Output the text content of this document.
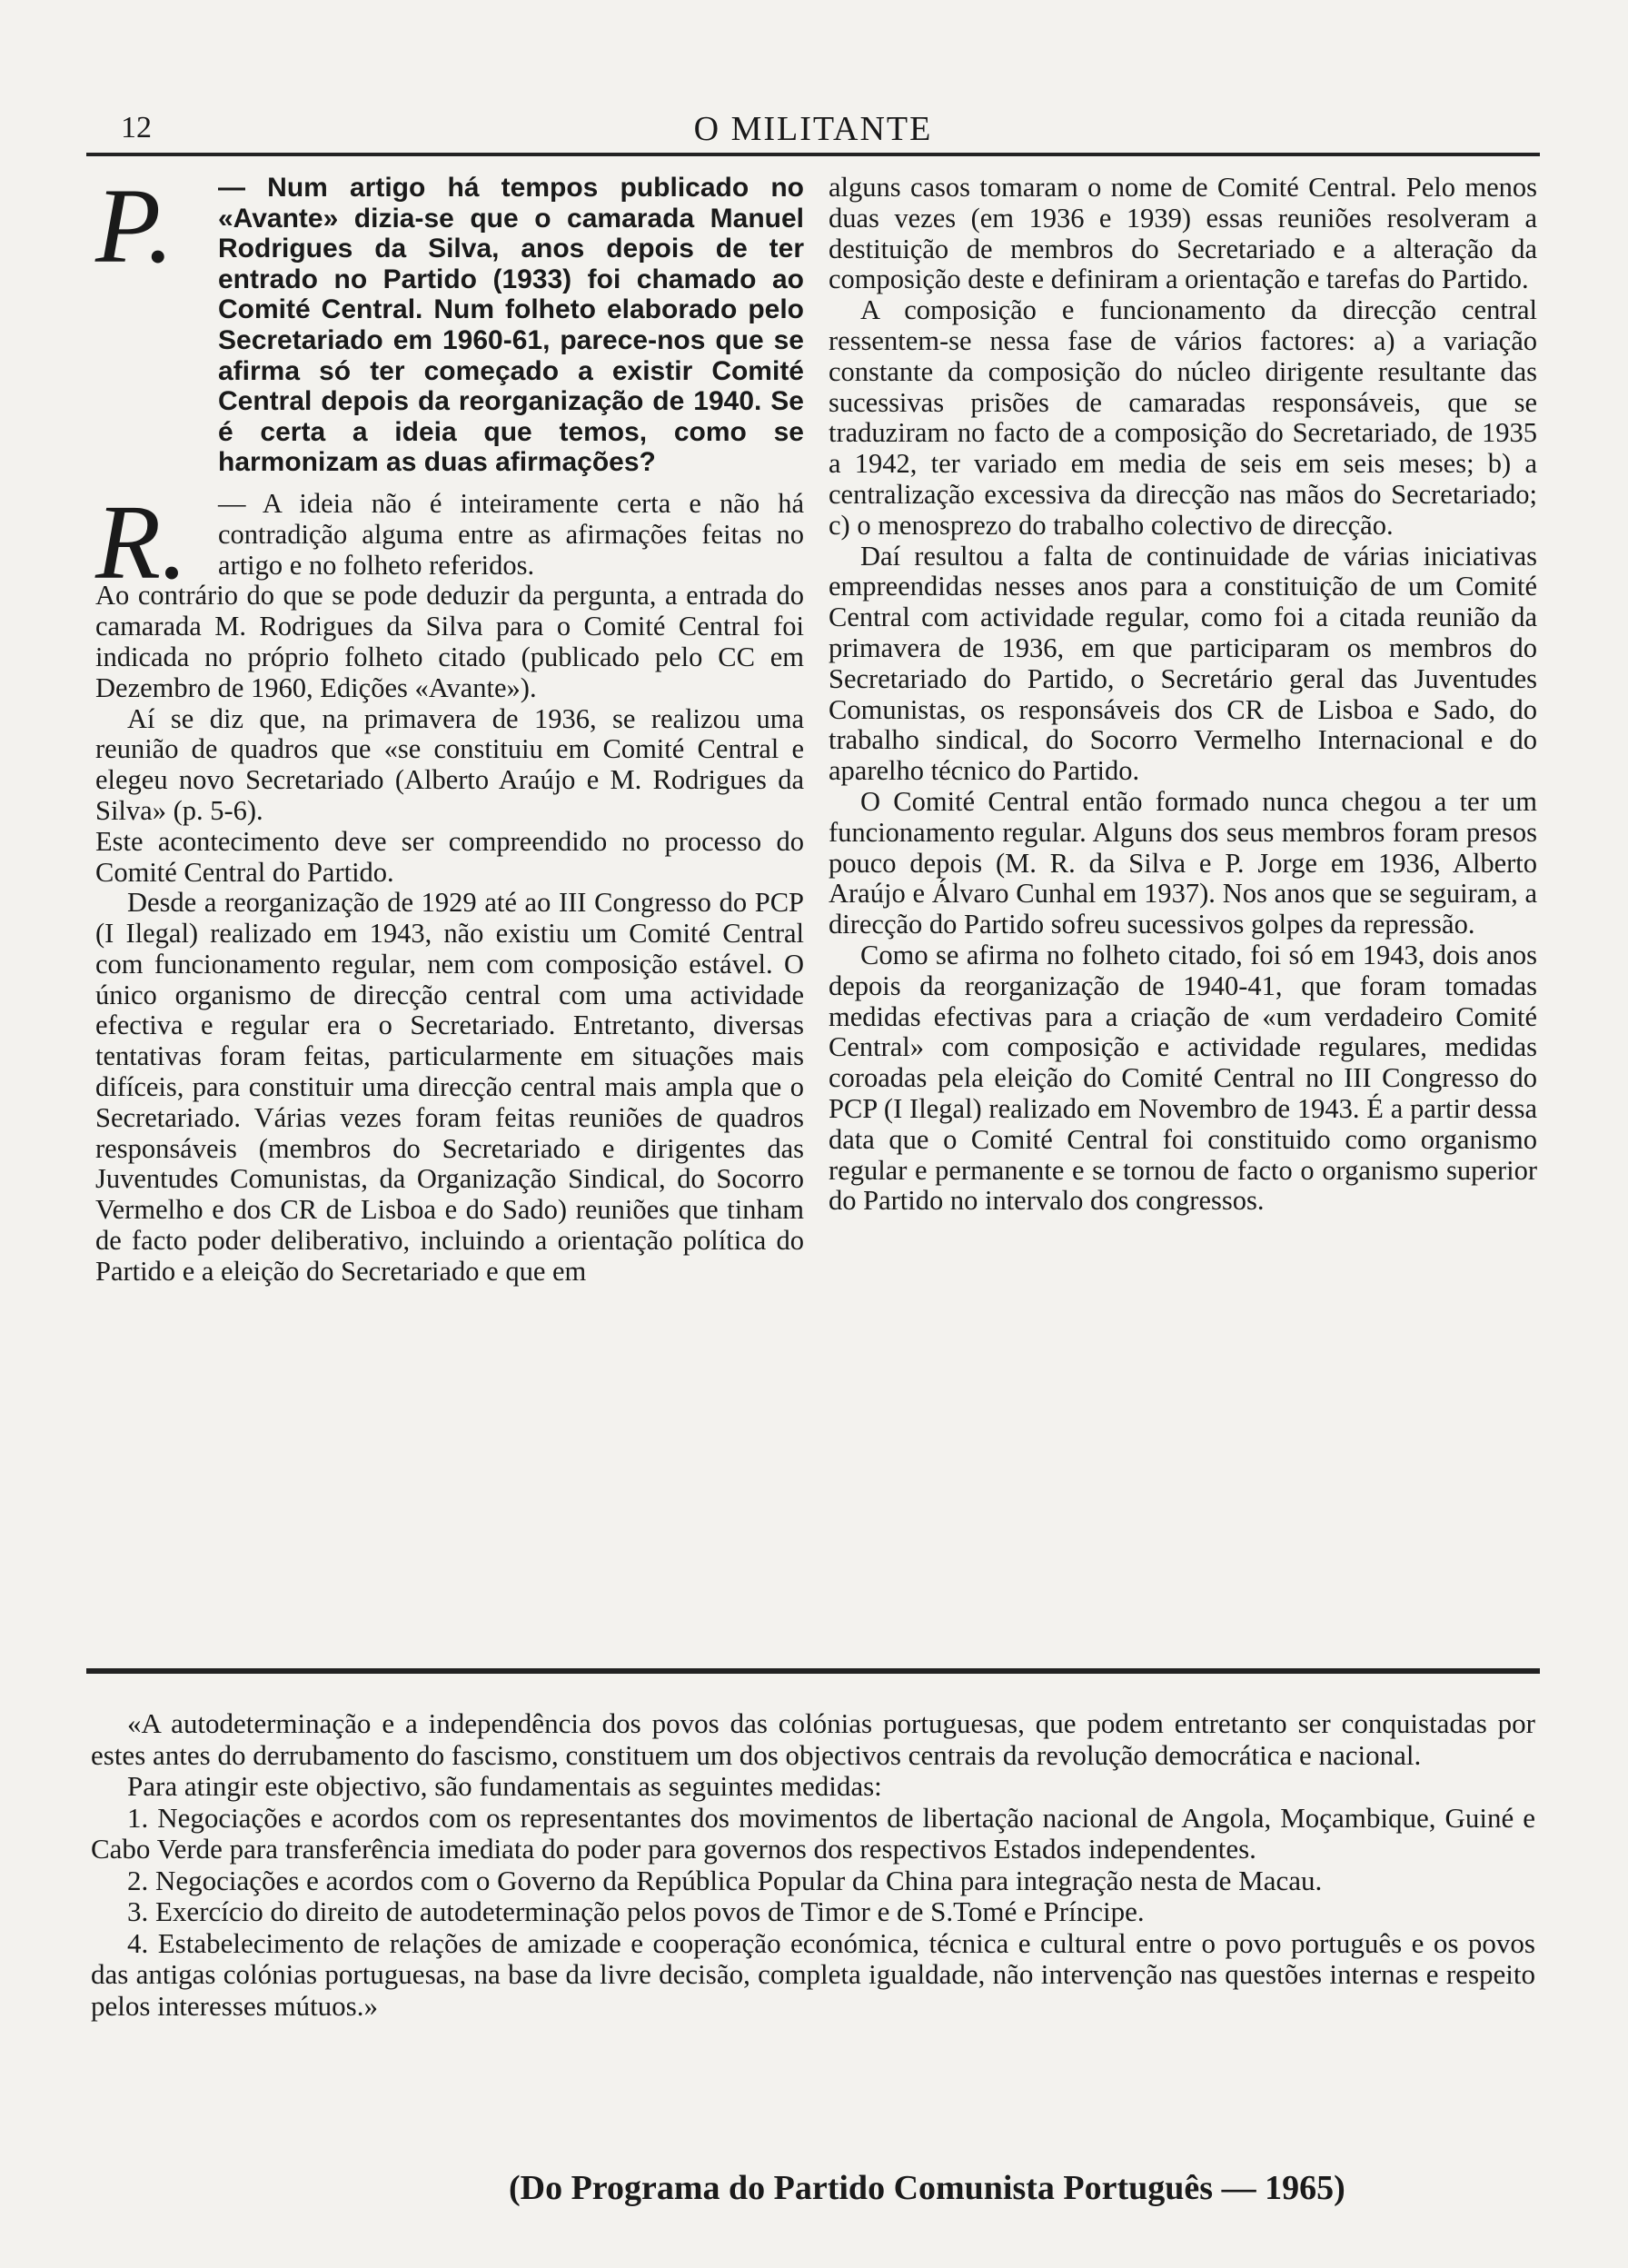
12	O MILITANTE
P. — Num artigo há tempos publicado no «Avante» dizia-se que o camarada Manuel Rodrigues da Silva, anos depois de ter entrado no Partido (1933) foi chamado ao Comité Central. Num folheto elaborado pelo Secretariado em 1960-61, parece-nos que se afirma só ter começado a existir Comité Central depois da reorganização de 1940. Se é certa a ideia que temos, como se harmonizam as duas afirmações?

R. — A ideia não é inteiramente certa e não há contradição alguma entre as afirmações feitas no artigo e no folheto referidos.

Ao contrário do que se pode deduzir da pergunta, a entrada do camarada M. Rodrigues da Silva para o Comité Central foi indicada no próprio folheto citado (publicado pelo CC em Dezembro de 1960, Edições «Avante»).

Aí se diz que, na primavera de 1936, se realizou uma reunião de quadros que «se constituiu em Comité Central e elegeu novo Secretariado (Alberto Araújo e M. Rodrigues da Silva» (p. 5-6).

Este acontecimento deve ser compreendido no processo do Comité Central do Partido.

Desde a reorganização de 1929 até ao III Congresso do PCP (I Ilegal) realizado em 1943, não existiu um Comité Central com funcionamento regular, nem com composição estável. O único organismo de direcção central com uma actividade efectiva e regular era o Secretariado. Entretanto, diversas tentativas foram feitas, particularmente em situações mais difíceis, para constituir uma direcção central mais ampla que o Secretariado. Várias vezes foram feitas reuniões de quadros responsáveis (membros do Secretariado e dirigentes das Juventudes Comunistas, da Organização Sindical, do Socorro Vermelho e dos CR de Lisboa e do Sado) reuniões que tinham de facto poder deliberativo, incluindo a orientação política do Partido e a eleição do Secretariado e que em

alguns casos tomaram o nome de Comité Central. Pelo menos duas vezes (em 1936 e 1939) essas reuniões resolveram a destituição de membros do Secretariado e a alteração da composição deste e definiram a orientação e tarefas do Partido.

A composição e funcionamento da direcção central ressentem-se nessa fase de vários factores: a) a variação constante da composição do núcleo dirigente resultante das sucessivas prisões de camaradas responsáveis, que se traduziram no facto de a composição do Secretariado, de 1935 a 1942, ter variado em media de seis em seis meses; b) a centralização excessiva da direcção nas mãos do Secretariado; c) o menosprezo do trabalho colectivo de direcção.

Daí resultou a falta de continuidade de várias iniciativas empreendidas nesses anos para a constituição de um Comité Central com actividade regular, como foi a citada reunião da primavera de 1936, em que participaram os membros do Secretariado do Partido, o Secretário geral das Juventudes Comunistas, os responsáveis dos CR de Lisboa e Sado, do trabalho sindical, do Socorro Vermelho Internacional e do aparelho técnico do Partido.

O Comité Central então formado nunca chegou a ter um funcionamento regular. Alguns dos seus membros foram presos pouco depois (M. R. da Silva e P. Jorge em 1936, Alberto Araújo e Álvaro Cunhal em 1937). Nos anos que se seguiram, a direcção do Partido sofreu sucessivos golpes da repressão.

Como se afirma no folheto citado, foi só em 1943, dois anos depois da reorganização de 1940-41, que foram tomadas medidas efectivas para a criação de «um verdadeiro Comité Central» com composição e actividade regulares, medidas coroadas pela eleição do Comité Central no III Congresso do PCP (I Ilegal) realizado em Novembro de 1943. É a partir dessa data que o Comité Central foi constituido como organismo regular e permanente e se tornou de facto o organismo superior do Partido no intervalo dos congressos.

«A autodeterminação e a independência dos povos das colónias portuguesas, que podem entretanto ser conquistadas por estes antes do derrubamento do fascismo, constituem um dos objectivos centrais da revolução democrática e nacional.

Para atingir este objectivo, são fundamentais as seguintes medidas:

1. Negociações e acordos com os representantes dos movimentos de libertação nacional de Angola, Moçambique, Guiné e Cabo Verde para transferência imediata do poder para governos dos respectivos Estados independentes.

2. Negociações e acordos com o Governo da República Popular da China para integração nesta de Macau.

3. Exercício do direito de autodeterminação pelos povos de Timor e de S.Tomé e Príncipe.

4. Estabelecimento de relações de amizade e cooperação económica, técnica e cultural entre o povo português e os povos das antigas colónias portuguesas, na base da livre decisão, completa igualdade, não intervenção nas questões internas e respeito pelos interesses mútuos.»

(Do Programa do Partido Comunista Português — 1965)
